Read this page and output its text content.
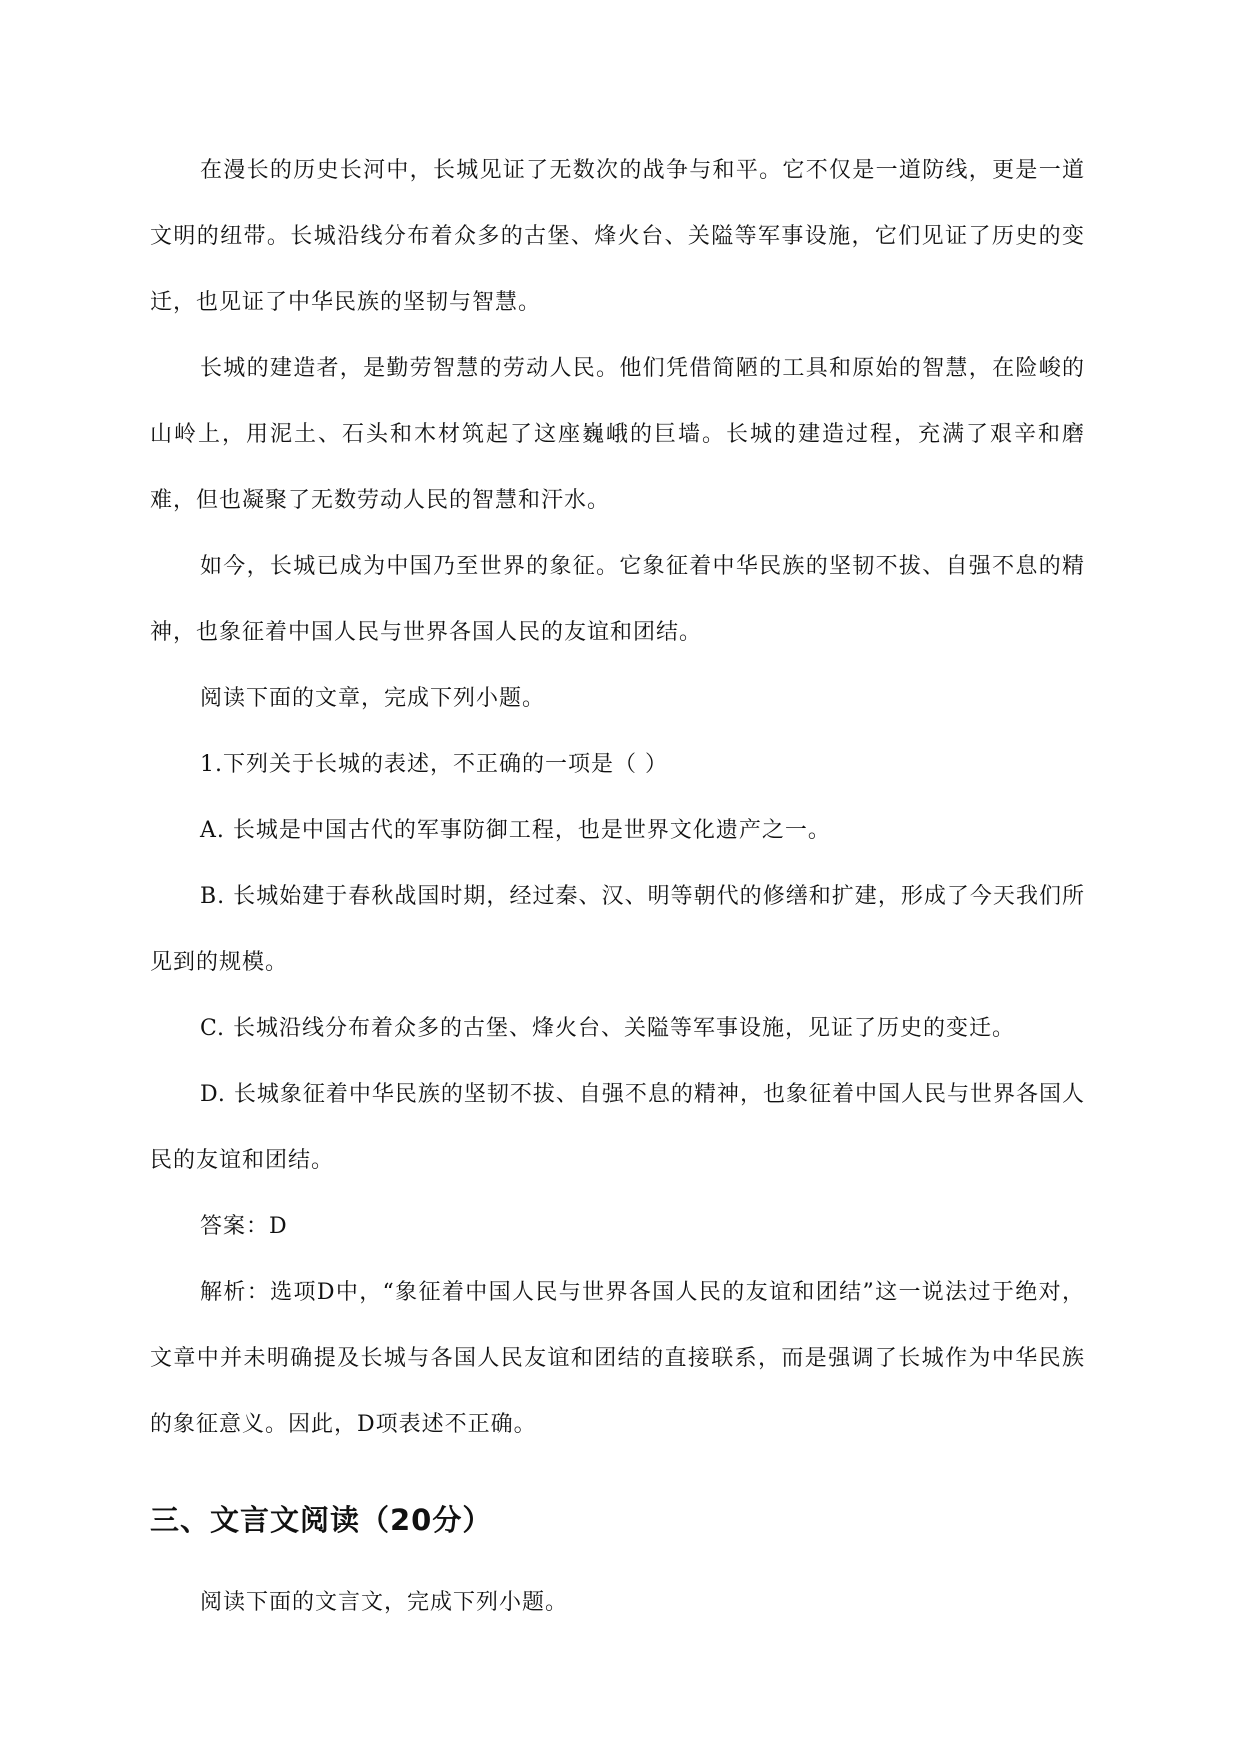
在漫长的历史长河中，长城见证了无数次的战争与和平。它不仅是一道防线，更是一道文明的纽带。长城沿线分布着众多的古堡、烽火台、关隘等军事设施，它们见证了历史的变迁，也见证了中华民族的坚韧与智慧。

长城的建造者，是勤劳智慧的劳动人民。他们凭借简陋的工具和原始的智慧，在险峻的山岭上，用泥土、石头和木材筑起了这座巍峨的巨墙。长城的建造过程，充满了艰辛和磨难，但也凝聚了无数劳动人民的智慧和汗水。

如今，长城已成为中国乃至世界的象征。它象征着中华民族的坚韧不拔、自强不息的精神，也象征着中国人民与世界各国人民的友谊和团结。

阅读下面的文章，完成下列小题。

1.下列关于长城的表述，不正确的一项是（ ）

A. 长城是中国古代的军事防御工程，也是世界文化遗产之一。

B. 长城始建于春秋战国时期，经过秦、汉、明等朝代的修缮和扩建，形成了今天我们所见到的规模。

C. 长城沿线分布着众多的古堡、烽火台、关隘等军事设施，见证了历史的变迁。

D. 长城象征着中华民族的坚韧不拔、自强不息的精神，也象征着中国人民与世界各国人民的友谊和团结。

答案：D

解析：选项D中，“象征着中国人民与世界各国人民的友谊和团结”这一说法过于绝对，文章中并未明确提及长城与各国人民友谊和团结的直接联系，而是强调了长城作为中华民族的象征意义。因此，D项表述不正确。

三、文言文阅读（20分）

阅读下面的文言文，完成下列小题。
